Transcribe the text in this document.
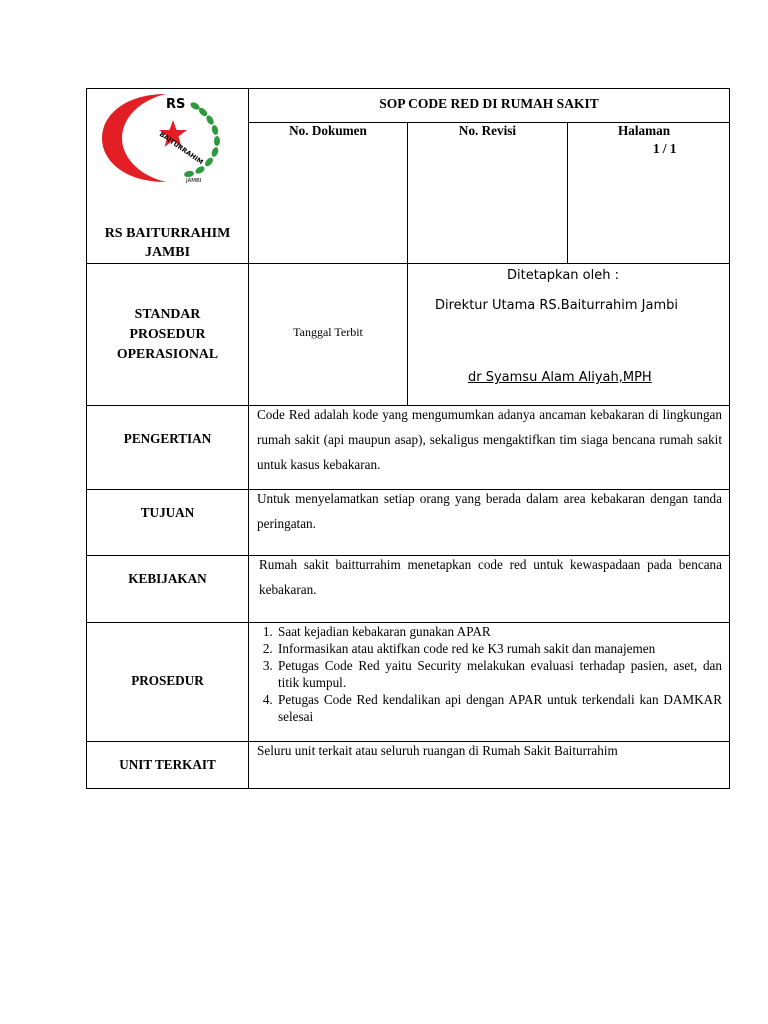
RS
BAITURRAHIM
JAMBI
RS BAITURRAHIM
JAMBI
SOP CODE RED DI RUMAH SAKIT
No. Dokumen	No. Revisi	Halaman
1 / 1
STANDAR
PROSEDUR
OPERASIONAL
Tanggal Terbit
Ditetapkan oleh :
Direktur Utama RS.Baiturrahim Jambi
dr Syamsu Alam Aliyah,MPH
PENGERTIAN
Code Red adalah kode yang mengumumkan adanya ancaman kebakaran di lingkungan rumah sakit (api maupun asap), sekaligus mengaktifkan tim siaga bencana rumah sakit untuk kasus kebakaran.
TUJUAN
Untuk menyelamatkan setiap orang yang berada dalam area kebakaran dengan tanda peringatan.
KEBIJAKAN
Rumah sakit baitturrahim menetapkan code red untuk kewaspadaan pada bencana kebakaran.
PROSEDUR
1. Saat kejadian kebakaran gunakan APAR
2. Informasikan atau aktifkan code red ke K3 rumah sakit dan manajemen
3. Petugas Code Red yaitu Security melakukan evaluasi terhadap pasien, aset, dan titik kumpul.
4. Petugas Code Red kendalikan api dengan APAR untuk terkendali kan DAMKAR selesai
UNIT TERKAIT
Seluru unit terkait atau seluruh ruangan di Rumah Sakit Baiturrahim
